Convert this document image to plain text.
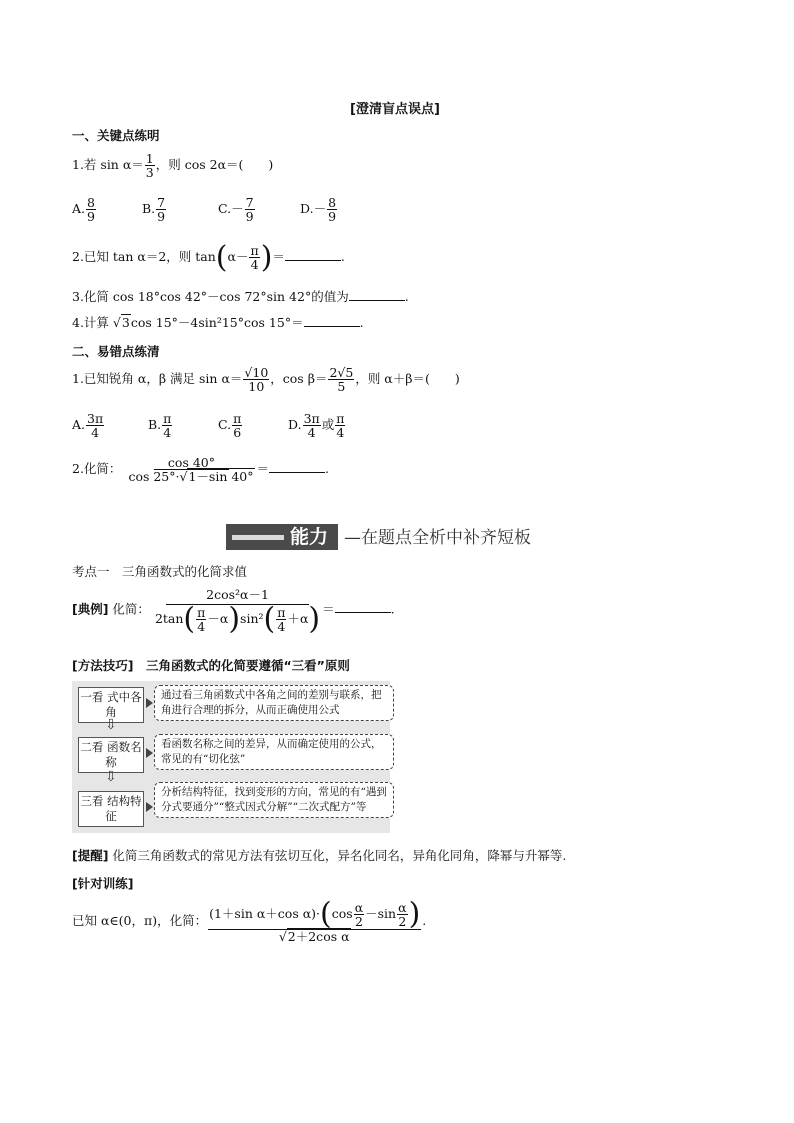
[澄清盲点误点]
一、关键点练明
1.若 $\sin \alpha= \frac{1}{3}$ ，则 cos 2α＝(　　)
A. $\frac{8}{9}$	B. $\frac{7}{9}$	$C.- \frac{7}{9}$	$D.- \frac{8}{9}$
2.已知 tan α＝2，则 $\tan(\alpha- \frac{\pi}{4}$ )＝	.
3.化简 cos 18°cos 42°－cos 72°sin 42°的值为	.
4.计算 √3cos 15°－4sin²15°cos 15°＝	.
二、易错点练清
1.已知锐角 α，β 满足 $\sin \alpha= \frac{√10}{10}$ ，$\cos \beta= \frac{2√5}{5}$ ，则 α＋β＝(　　)
A. $\frac{3\pi}{4}$	B. $\frac{\pi}{4}$	C. $\frac{\pi}{6}$	D. $\frac{3\pi}{4}$ 或 $\frac{\pi}{4}$
2.化简： $\frac{\cos 40^\circ}{\cos 25^\circ\cdot√1-\sin 40^\circ}$ ＝	.
能力 —在题点全析中补齐短板
考点一　三角函数式的化简求值
[典例] 化简： $\frac{\text{2cos²α－1}}{2\tan( \frac{\pi}{4} -\alpha)\sin^2( \frac{\pi}{4} +\alpha)}$ ＝	.
[方法技巧]　 三角函数式的化简要遵循“三看”原则
一看 式中各角
通过看三角函数式中各角之间的差别与联系，把角进行合理的拆分，从而正确使用公式
⇩
二看 函数名称
看函数名称之间的差异，从而确定使用的公式，常见的有“切化弦”
⇩
三看 结构特征
分析结构特征，找到变形的方向，常见的有“遇到分式要通分”“整式因式分解”“二次式配方”等
[提醒] 化简三角函数式的常见方法有弦切互化，异名化同名，异角化同角，降幂与升幂等.
[针对训练]
已知 α∈(0，π)，化简： $\frac{(1+\sin \alpha+\cos \alpha)\cdot(\cos \frac{\alpha}{2} -\sin \frac{\alpha}{2} )}{\text{√2＋2cos α}}$ .
